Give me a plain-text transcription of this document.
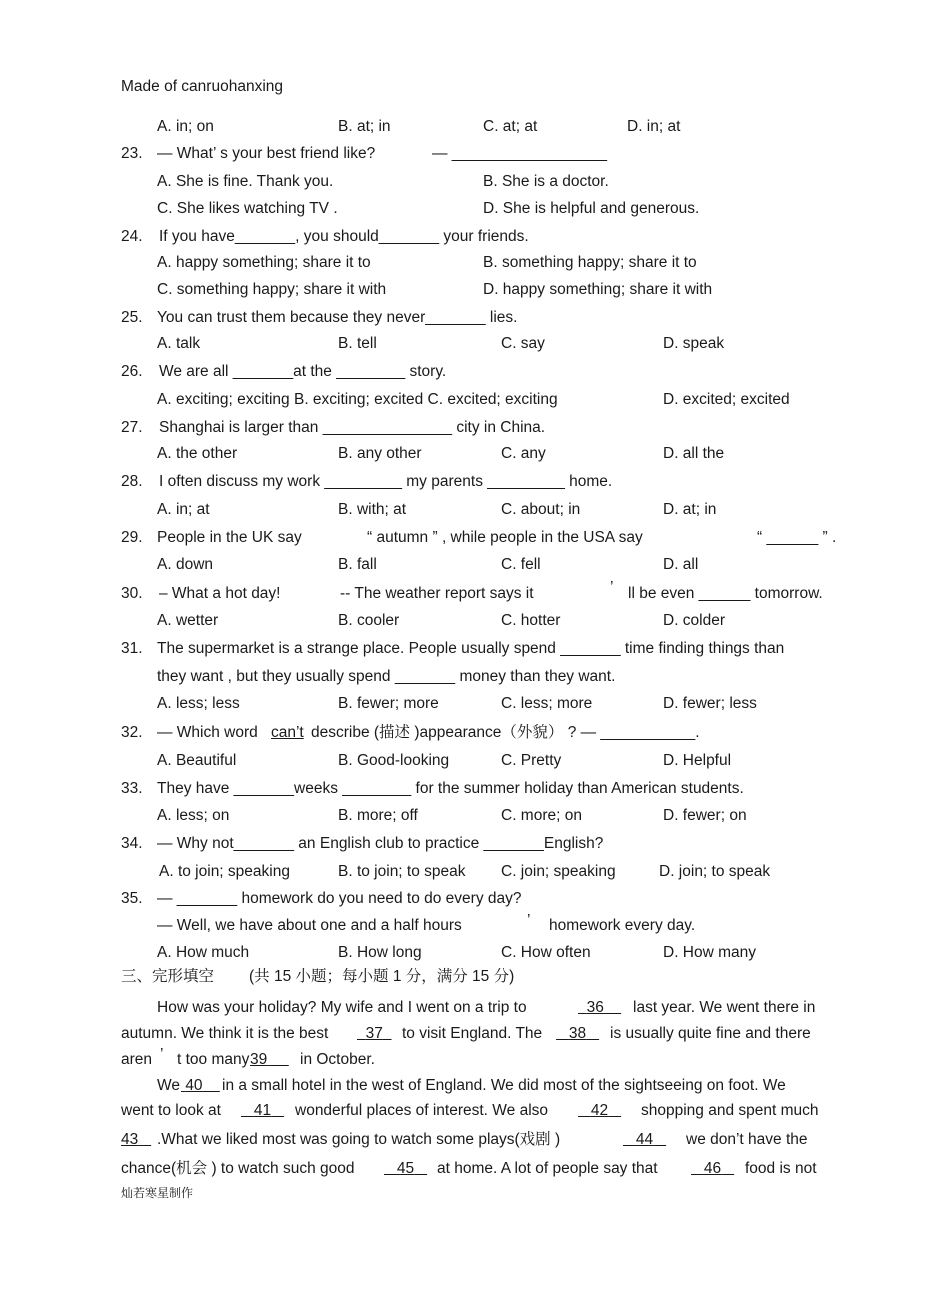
Made of canruohanxing
A. in; on	B. at; in	C. at; at	D. in; at
23. — What’ s your best friend like?	— __________________
A. She is fine. Thank you.	B. She is a doctor.
C. She likes watching TV .	D. She is helpful and generous.
24. If you have_______, you should_______ your friends.
A. happy something; share it to	B. something happy; share it to
C. something happy; share it with	D. happy something; share it with
25. You can trust them because they never_______ lies.
A. talk	B. tell	C. say	D. speak
26. We are all _______at the ________ story.
A. exciting; exciting B. exciting; excited C. excited; exciting	D. excited; excited
27. Shanghai is larger than _______________ city in China.
A. the other	B. any other	C. any	D. all the
28. I often discuss my work _________ my parents _________ home.
A. in; at	B. with; at	C. about; in	D. at; in
29. People in the UK say	“ autumn ” , while people in the USA say	“ ______ ” .
A. down	B. fall	C. fell	D. all
30. – What a hot day!	-- The weather report says it	’ ll be even ______ tomorrow.
A. wetter	B. cooler	C. hotter	D. colder
31. The supermarket is a strange place. People usually spend _______ time finding things than
they want , but they usually spend _______ money than they want.
A. less; less	B. fewer; more	C. less; more	D. fewer; less
32. — Which word can’t describe (描述 )appearance（外貌） ? — ___________.
A. Beautiful	B. Good-looking	C. Pretty	D. Helpful
33. They have _______weeks ________ for the summer holiday than American students.
A. less; on	B. more; off	C. more; on	D. fewer; on
34. — Why not_______ an English club to practice _______English?
A. to join; speaking	B. to join; to speak C. join; speaking	D. join; to speak
35. — _______ homework do you need to do every day?
— Well, we have about one and a half hours	’ homework every day.
A. How much	B. How long	C. How often	D. How many
三、完形填空 (共 15 小题；每小题 1 分，满分 15 分)
How was your holiday? My wife and I went on a trip to	36	last year. We went there in
autumn. We think it is the best	37	to visit England. The	38	is usually quite fine and there
aren ’ t too many 39	in October.
We 40	in a small hotel in the west of England. We did most of the sightseeing on foot. We
went to look at	41	wonderful places of interest. We also	42	shopping and spent much
43	.What we liked most was going to watch some plays(戏剧 )	44	we don’t have the
chance(机会 ) to watch such good	45	at home. A lot of people say that	46	food is not
灿若寒星制作
